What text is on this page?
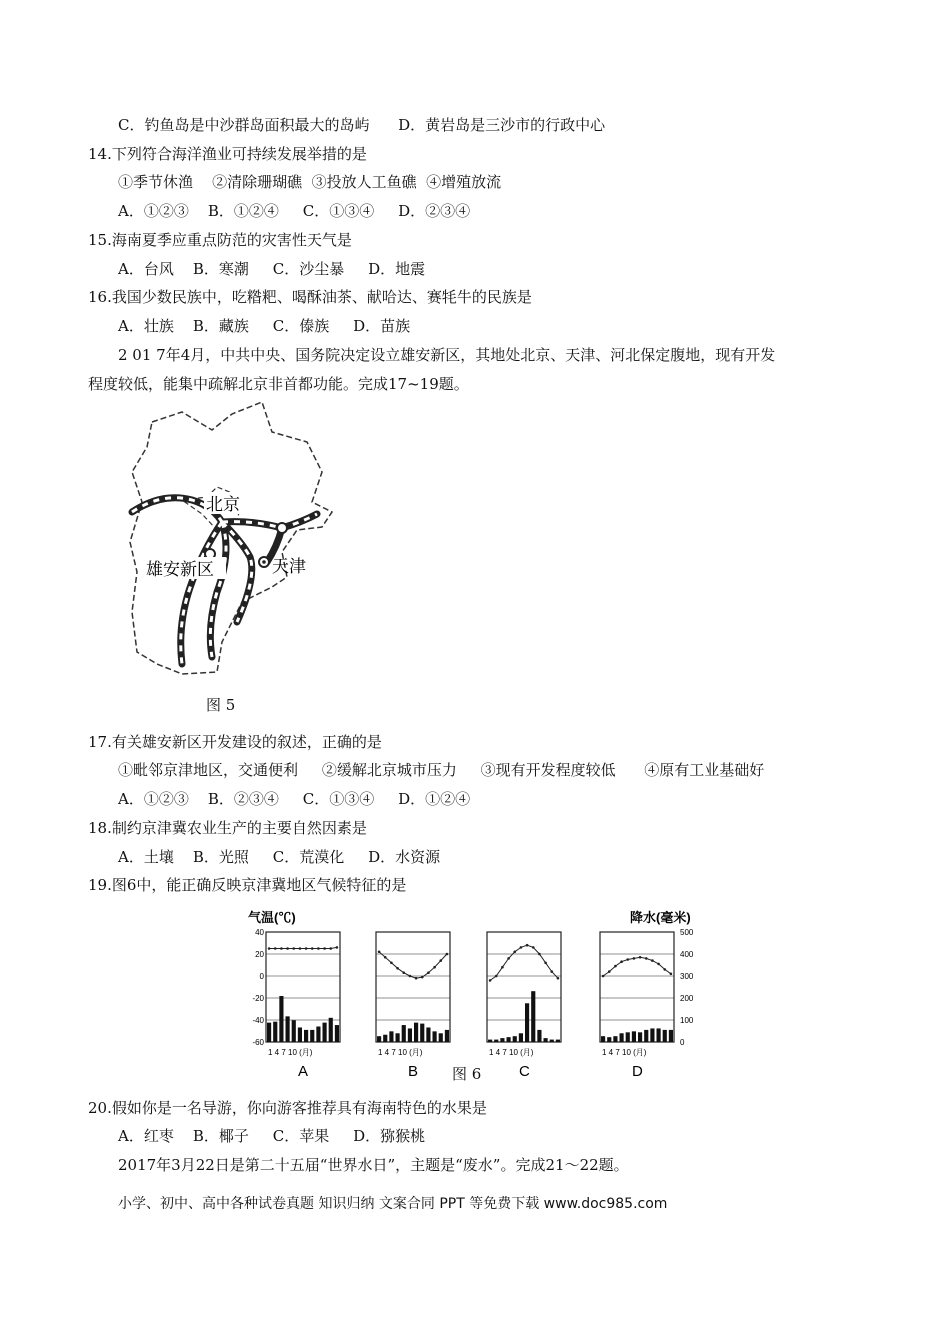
C．钓鱼岛是中沙群岛面积最大的岛屿      D．黄岩岛是三沙市的行政中心
14.下列符合海洋渔业可持续发展举措的是
①季节休渔    ②清除珊瑚礁  ③投放人工鱼礁  ④增殖放流
A．①②③    B．①②④     C．①③④     D．②③④
15.海南夏季应重点防范的灾害性天气是
A．台风    B．寒潮     C．沙尘暴     D．地震
16.我国少数民族中，吃糌粑、喝酥油茶、献哈达、赛牦牛的民族是
A．壮族    B．藏族     C．傣族     D．苗族
2 01 7年4月，中共中央、国务院决定设立雄安新区，其地处北京、天津、河北保定腹地，现有开发
程度较低，能集中疏解北京非首都功能。完成17~19题。
北京
雄安新区	天津
图 5
17.有关雄安新区开发建设的叙述，正确的是
①毗邻京津地区，交通便利     ②缓解北京城市压力     ③现有开发程度较低      ④原有工业基础好
A．①②③    B．②③④     C．①③④     D．①②④
18.制约京津冀农业生产的主要自然因素是
A．土壤    B．光照     C．荒漠化     D．水资源
19.图6中，能正确反映京津冀地区气候特征的是
气温(℃)	降水(毫米)
40
20
0
-20
-40
-60
500
400
300
200
100
0
1 4 7 10 (月)
A
1 4 7 10 (月)
B
1 4 7 10 (月)
C
1 4 7 10 (月)
D
图 6
20.假如你是一名导游，你向游客推荐具有海南特色的水果是
A．红枣    B．椰子     C．苹果     D．猕猴桃
2017年3月22日是第二十五届“世界水日”，主题是“废水”。完成21～22题。
小学、初中、高中各种试卷真题 知识归纳 文案合同 PPT 等免费下载 www.doc985.com
